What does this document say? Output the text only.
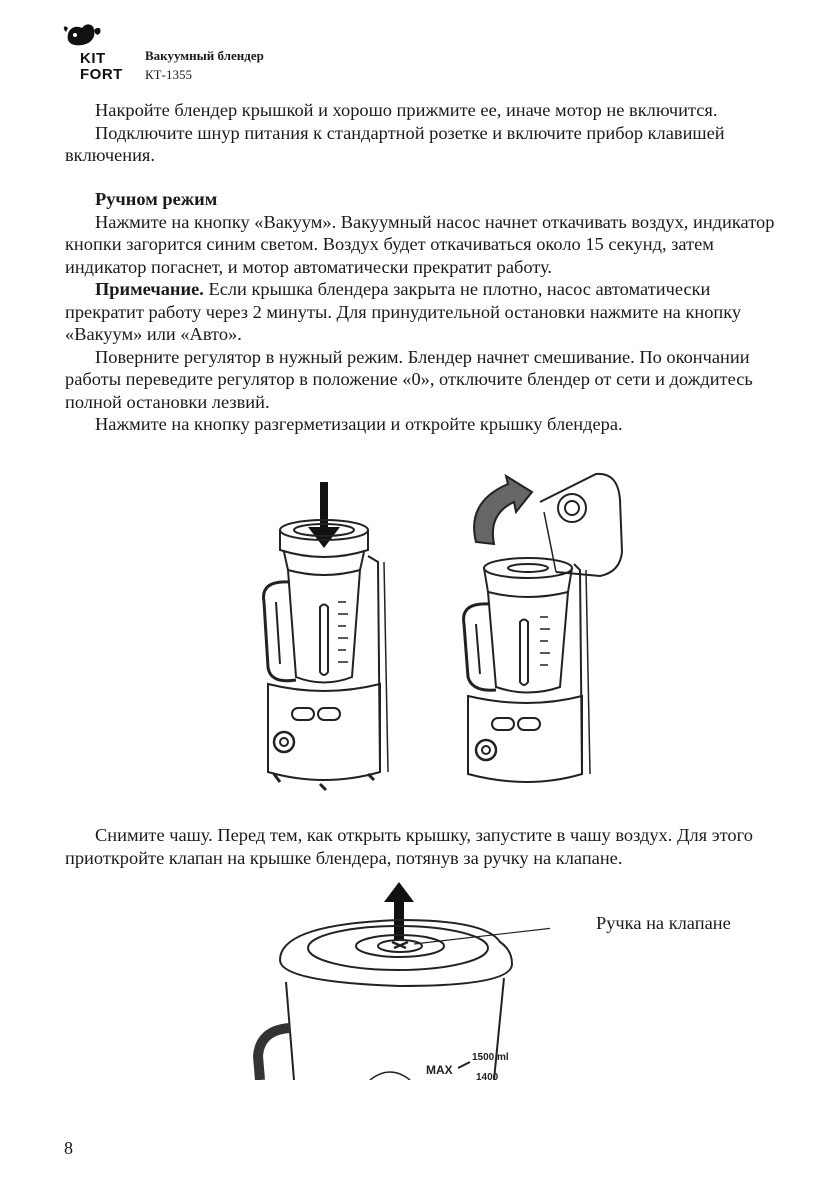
KIT
FORT
Вакуумный блендер
КТ-1355

Накройте блендер крышкой и хорошо прижмите ее, иначе мотор не включится.

Подключите шнур питания к стандартной розетке и включите прибор клавишей включения.

Ручном режим

Нажмите на кнопку «Вакуум». Вакуумный насос начнет откачивать воздух, индикатор кнопки загорится синим светом. Воздух будет откачиваться около 15 секунд, затем индикатор погаснет, и мотор автоматически прекратит работу.

Примечание. Если крышка блендера закрыта не плотно, насос автоматически прекратит работу через 2 минуты. Для принудительной остановки нажмите на кнопку «Вакуум» или «Авто».

Поверните регулятор в нужный режим. Блендер начнет смешивание. По окончании работы переведите регулятор в положение «0», отключите блендер от сети и дождитесь полной остановки лезвий.

Нажмите на кнопку разгерметизации и откройте крышку блендера.

Снимите чашу. Перед тем, как открыть крышку, запустите в чашу воздух. Для этого приоткройте клапан на крышке блендера, потянув за ручку на клапане.

MAX
1500 ml
1400
Ручка на клапане
8
